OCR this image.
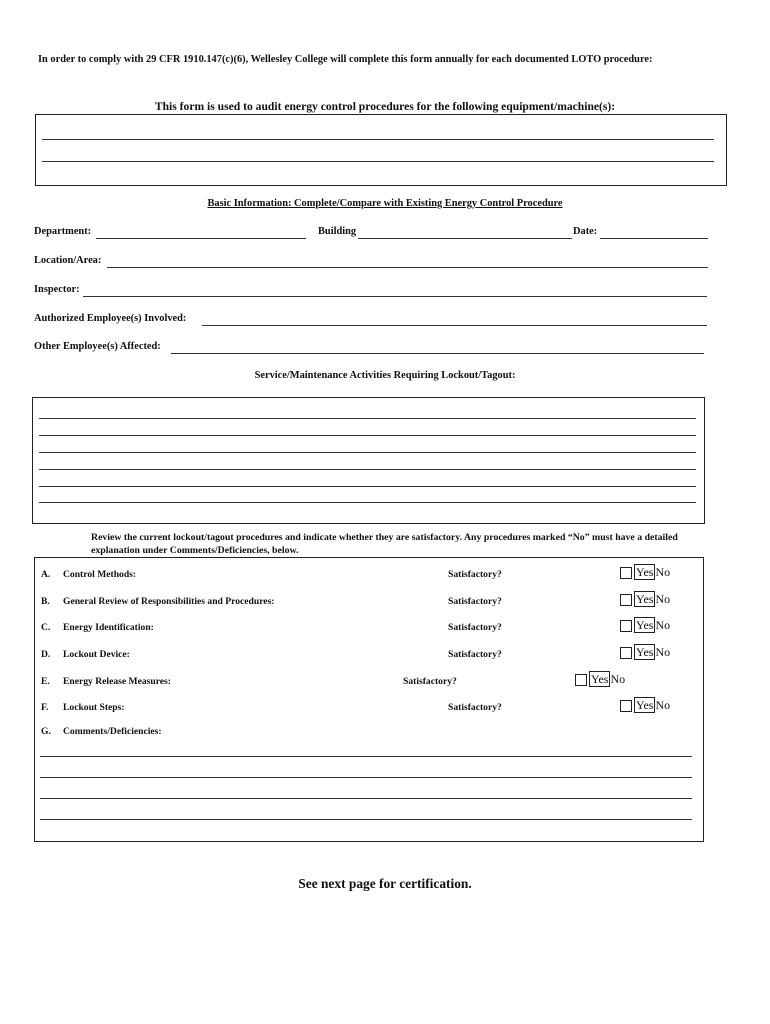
In order to comply with 29 CFR 1910.147(c)(6), Wellesley College will complete this form annually for each documented LOTO procedure:
This form is used to audit energy control procedures for the following equipment/machine(s):
Basic Information: Complete/Compare with Existing Energy Control Procedure
Department:	Building	Date:
Location/Area:
Inspector:
Authorized Employee(s) Involved:
Other Employee(s) Affected:
Service/Maintenance Activities Requiring Lockout/Tagout:
Review the current lockout/tagout procedures and indicate whether they are satisfactory. Any procedures marked “No” must have a detailed explanation under Comments/Deficiencies, below.
A. Control Methods:	Satisfactory?	Yes No
B. General Review of Responsibilities and Procedures:	Satisfactory?	Yes No
C. Energy Identification:	Satisfactory?	Yes No
D. Lockout Device:	Satisfactory?	Yes No
E. Energy Release Measures:	Satisfactory?	Yes No
F. Lockout Steps:	Satisfactory?	Yes No
G. Comments/Deficiencies:
See next page for certification.
